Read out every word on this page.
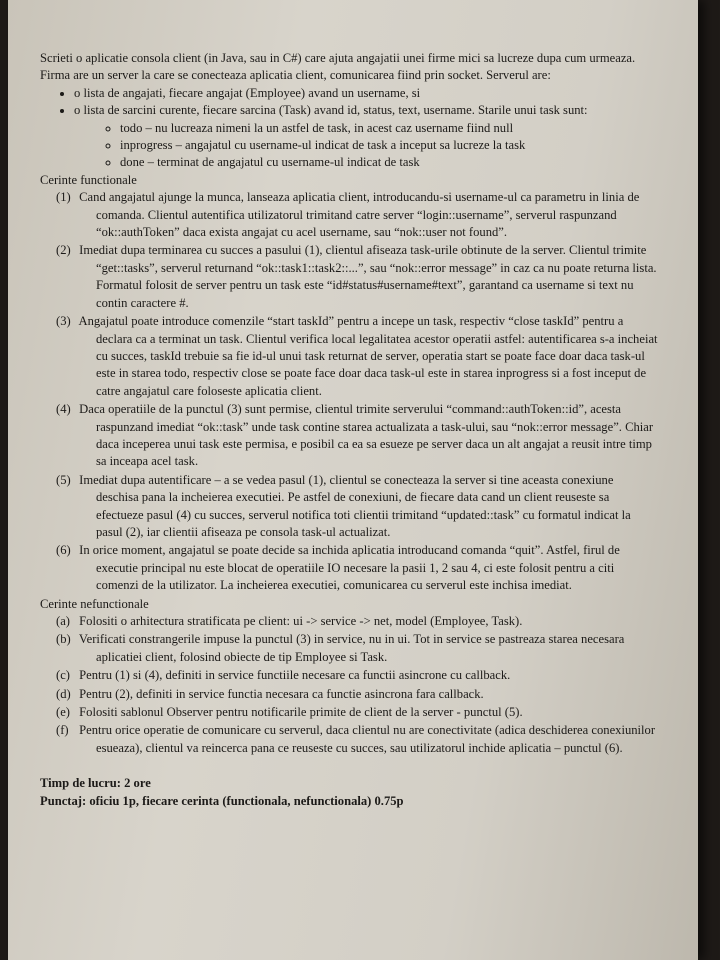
Scrieti o aplicatie consola client (in Java, sau in C#) care ajuta angajatii unei firme mici sa lucreze dupa cum urmeaza. Firma are un server la care se conecteaza aplicatia client, comunicarea fiind prin socket. Serverul are:

• o lista de angajati, fiecare angajat (Employee) avand un username, si
• o lista de sarcini curente, fiecare sarcina (Task) avand id, status, text, username. Starile unui task sunt:
◦ todo – nu lucreaza nimeni la un astfel de task, in acest caz username fiind null
◦ inprogress – angajatul cu username-ul indicat de task a inceput sa lucreze la task
◦ done – terminat de angajatul cu username-ul indicat de task

Cerinte functionale

(1) Cand angajatul ajunge la munca, lanseaza aplicatia client, introducandu-si username-ul ca parametru in linia de comanda. Clientul autentifica utilizatorul trimitand catre server “login::username”, serverul raspunzand “ok::authToken” daca exista angajat cu acel username, sau “nok::user not found”.
(2) Imediat dupa terminarea cu succes a pasului (1), clientul afiseaza task-urile obtinute de la server. Clientul trimite “get::tasks”, serverul returnand “ok::task1::task2::...”, sau “nok::error message” in caz ca nu poate returna lista. Formatul folosit de server pentru un task este “id#status#username#text”, garantand ca username si text nu contin caractere #.
(3) Angajatul poate introduce comenzile “start taskId” pentru a incepe un task, respectiv “close taskId” pentru a declara ca a terminat un task. Clientul verifica local legalitatea acestor operatii astfel: autentificarea s-a incheiat cu succes, taskId trebuie sa fie id-ul unui task returnat de server, operatia start se poate face doar daca task-ul este in starea todo, respectiv close se poate face doar daca task-ul este in starea inprogress si a fost inceput de catre angajatul care foloseste aplicatia client.
(4) Daca operatiile de la punctul (3) sunt permise, clientul trimite serverului “command::authToken::id”, acesta raspunzand imediat “ok::task” unde task contine starea actualizata a task-ului, sau “nok::error message”. Chiar daca inceperea unui task este permisa, e posibil ca ea sa esueze pe server daca un alt angajat a reusit intre timp sa inceapa acel task.
(5) Imediat dupa autentificare – a se vedea pasul (1), clientul se conecteaza la server si tine aceasta conexiune deschisa pana la incheierea executiei. Pe astfel de conexiuni, de fiecare data cand un client reuseste sa efectueze pasul (4) cu succes, serverul notifica toti clientii trimitand “updated::task” cu formatul indicat la pasul (2), iar clientii afiseaza pe consola task-ul actualizat.
(6) In orice moment, angajatul se poate decide sa inchida aplicatia introducand comanda “quit”. Astfel, firul de executie principal nu este blocat de operatiile IO necesare la pasii 1, 2 sau 4, ci este folosit pentru a citi comenzi de la utilizator. La incheierea executiei, comunicarea cu serverul este inchisa imediat.

Cerinte nefunctionale

(a) Folositi o arhitectura stratificata pe client: ui -> service -> net, model (Employee, Task).
(b) Verificati constrangerile impuse la punctul (3) in service, nu in ui. Tot in service se pastreaza starea necesara aplicatiei client, folosind obiecte de tip Employee si Task.
(c) Pentru (1) si (4), definiti in service functiile necesare ca functii asincrone cu callback.
(d) Pentru (2), definiti in service functia necesara ca functie asincrona fara callback.
(e) Folositi sablonul Observer pentru notificarile primite de client de la server - punctul (5).
(f) Pentru orice operatie de comunicare cu serverul, daca clientul nu are conectivitate (adica deschiderea conexiunilor esueaza), clientul va reincerca pana ce reuseste cu succes, sau utilizatorul inchide aplicatia – punctul (6).

Timp de lucru: 2 ore

Punctaj: oficiu 1p, fiecare cerinta (functionala, nefunctionala) 0.75p
